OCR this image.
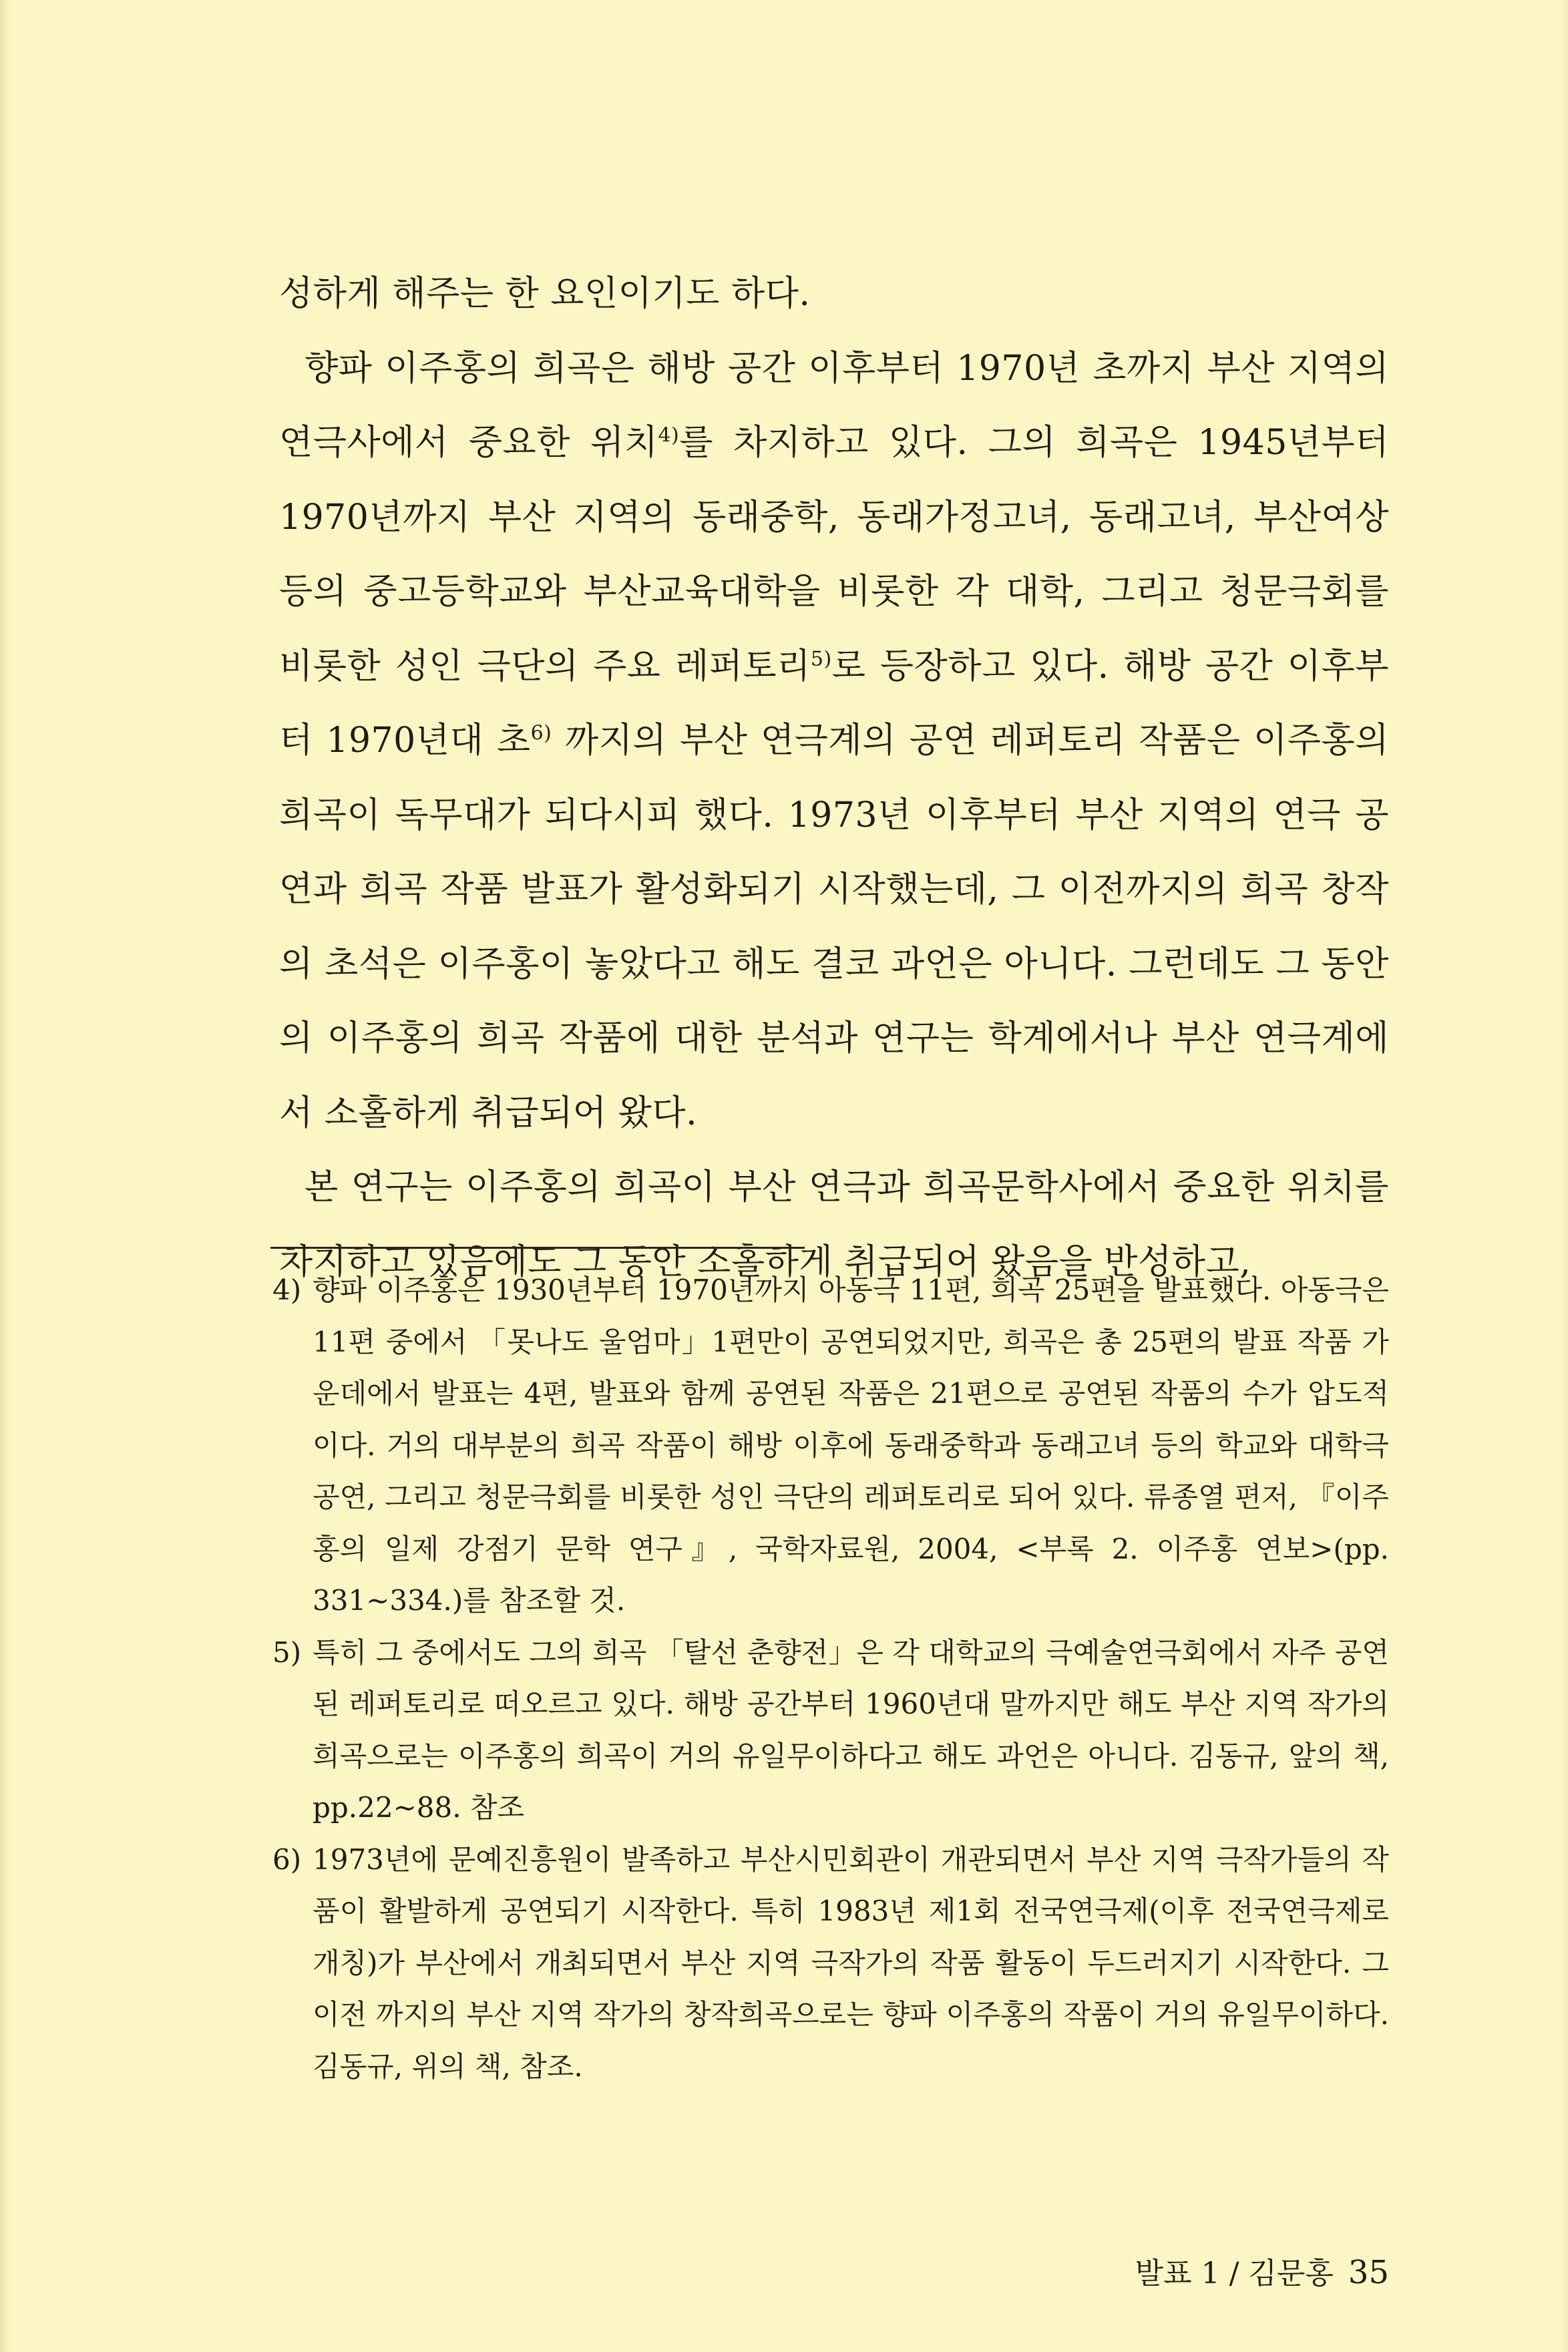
성하게 해주는 한 요인이기도 하다.

향파 이주홍의 희곡은 해방 공간 이후부터 1970년 초까지 부산 지역의 연극사에서 중요한 위치$^{4)}$를 차지하고 있다. 그의 희곡은 1945년부터 1970년까지 부산 지역의 동래중학, 동래가정고녀, 동래고녀, 부산여상 등의 중고등학교와 부산교육대학을 비롯한 각 대학, 그리고 청문극회를 비롯한 성인 극단의 주요 레퍼토리$^{5)}$로 등장하고 있다. 해방 공간 이후부터 1970년대 초$^{6)}$ 까지의 부산 연극계의 공연 레퍼토리 작품은 이주홍의 희곡이 독무대가 되다시피 했다. 1973년 이후부터 부산 지역의 연극 공연과 희곡 작품 발표가 활성화되기 시작했는데, 그 이전까지의 희곡 창작의 초석은 이주홍이 놓았다고 해도 결코 과언은 아니다. 그런데도 그 동안의 이주홍의 희곡 작품에 대한 분석과 연구는 학계에서나 부산 연극계에서 소홀하게 취급되어 왔다.

본 연구는 이주홍의 희곡이 부산 연극과 희곡문학사에서 중요한 위치를 차지하고 있음에도 그 동안 소홀하게 취급되어 왔음을 반성하고,

4) 향파 이주홍은 1930년부터 1970년까지 아동극 11편, 희곡 25편을 발표했다. 아동극은 11편 중에서 「못나도 울엄마」1편만이 공연되었지만, 희곡은 총 25편의 발표 작품 가운데에서 발표는 4편, 발표와 함께 공연된 작품은 21편으로 공연된 작품의 수가 압도적이다. 거의 대부분의 희곡 작품이 해방 이후에 동래중학과 동래고녀 등의 학교와 대학극 공연, 그리고 청문극회를 비롯한 성인 극단의 레퍼토리로 되어 있다. 류종열 편저, 『이주홍의 일제 강점기 문학 연구』, 국학자료원, 2004, <부록 2. 이주홍 연보>(pp. 331~334.)를 참조할 것.
5) 특히 그 중에서도 그의 희곡 「탈선 춘향전」은 각 대학교의 극예술연극회에서 자주 공연된 레퍼토리로 떠오르고 있다. 해방 공간부터 1960년대 말까지만 해도 부산 지역 작가의 희곡으로는 이주홍의 희곡이 거의 유일무이하다고 해도 과언은 아니다. 김동규, 앞의 책, pp.22~88. 참조
6) 1973년에 문예진흥원이 발족하고 부산시민회관이 개관되면서 부산 지역 극작가들의 작품이 활발하게 공연되기 시작한다. 특히 1983년 제1회 전국연극제(이후 전국연극제로 개칭)가 부산에서 개최되면서 부산 지역 극작가의 작품 활동이 두드러지기 시작한다. 그 이전 까지의 부산 지역 작가의 창작희곡으로는 향파 이주홍의 작품이 거의 유일무이하다. 김동규, 위의 책, 참조.
발표 1 / 김문홍 35
